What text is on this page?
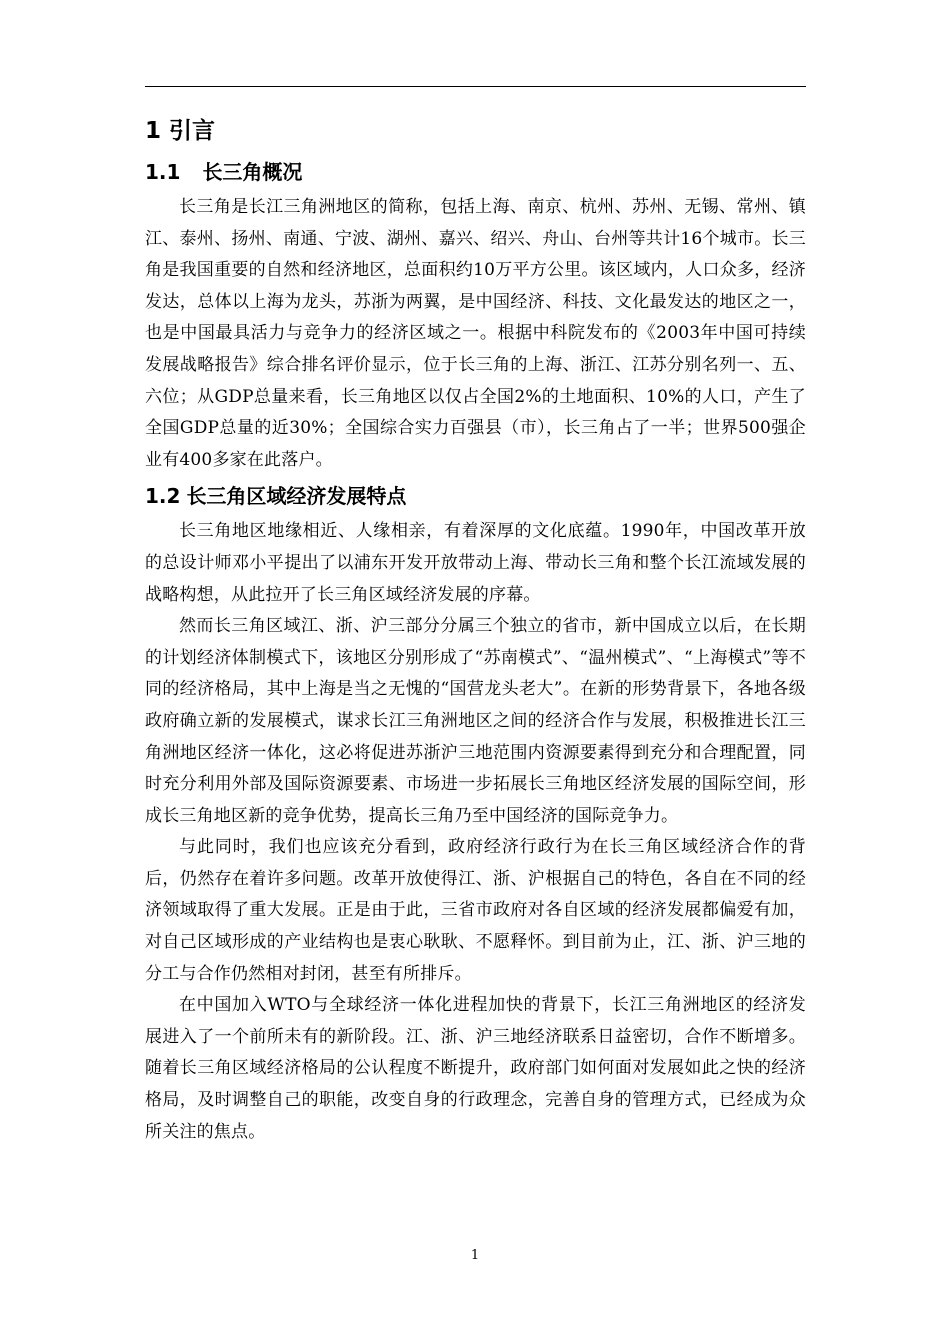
1 引言
1.1 长三角概况

长三角是长江三角洲地区的简称，包括上海、南京、杭州、苏州、无锡、常州、镇江、泰州、扬州、南通、宁波、湖州、嘉兴、绍兴、舟山、台州等共计16个城市。长三角是我国重要的自然和经济地区，总面积约10万平方公里。该区域内，人口众多，经济发达，总体以上海为龙头，苏浙为两翼，是中国经济、科技、文化最发达的地区之一，也是中国最具活力与竞争力的经济区域之一。根据中科院发布的《2003年中国可持续发展战略报告》综合排名评价显示，位于长三角的上海、浙江、江苏分别名列一、五、六位；从GDP总量来看，长三角地区以仅占全国2%的土地面积、10%的人口，产生了全国GDP总量的近30%；全国综合实力百强县（市），长三角占了一半；世界500强企业有400多家在此落户。

1.2 长三角区域经济发展特点

长三角地区地缘相近、人缘相亲，有着深厚的文化底蕴。1990年，中国改革开放的总设计师邓小平提出了以浦东开发开放带动上海、带动长三角和整个长江流域发展的战略构想，从此拉开了长三角区域经济发展的序幕。

然而长三角区域江、浙、沪三部分分属三个独立的省市，新中国成立以后，在长期的计划经济体制模式下，该地区分别形成了“苏南模式”、“温州模式”、“上海模式”等不同的经济格局，其中上海是当之无愧的“国营龙头老大”。在新的形势背景下，各地各级政府确立新的发展模式，谋求长江三角洲地区之间的经济合作与发展，积极推进长江三角洲地区经济一体化，这必将促进苏浙沪三地范围内资源要素得到充分和合理配置，同时充分利用外部及国际资源要素、市场进一步拓展长三角地区经济发展的国际空间，形成长三角地区新的竞争优势，提高长三角乃至中国经济的国际竞争力。

与此同时，我们也应该充分看到，政府经济行政行为在长三角区域经济合作的背后，仍然存在着许多问题。改革开放使得江、浙、沪根据自己的特色，各自在不同的经济领域取得了重大发展。正是由于此，三省市政府对各自区域的经济发展都偏爱有加，对自己区域形成的产业结构也是衷心耿耿、不愿释怀。到目前为止，江、浙、沪三地的分工与合作仍然相对封闭，甚至有所排斥。

在中国加入WTO与全球经济一体化进程加快的背景下，长江三角洲地区的经济发展进入了一个前所未有的新阶段。江、浙、沪三地经济联系日益密切，合作不断增多。随着长三角区域经济格局的公认程度不断提升，政府部门如何面对发展如此之快的经济格局，及时调整自己的职能，改变自身的行政理念，完善自身的管理方式，已经成为众所关注的焦点。

1
